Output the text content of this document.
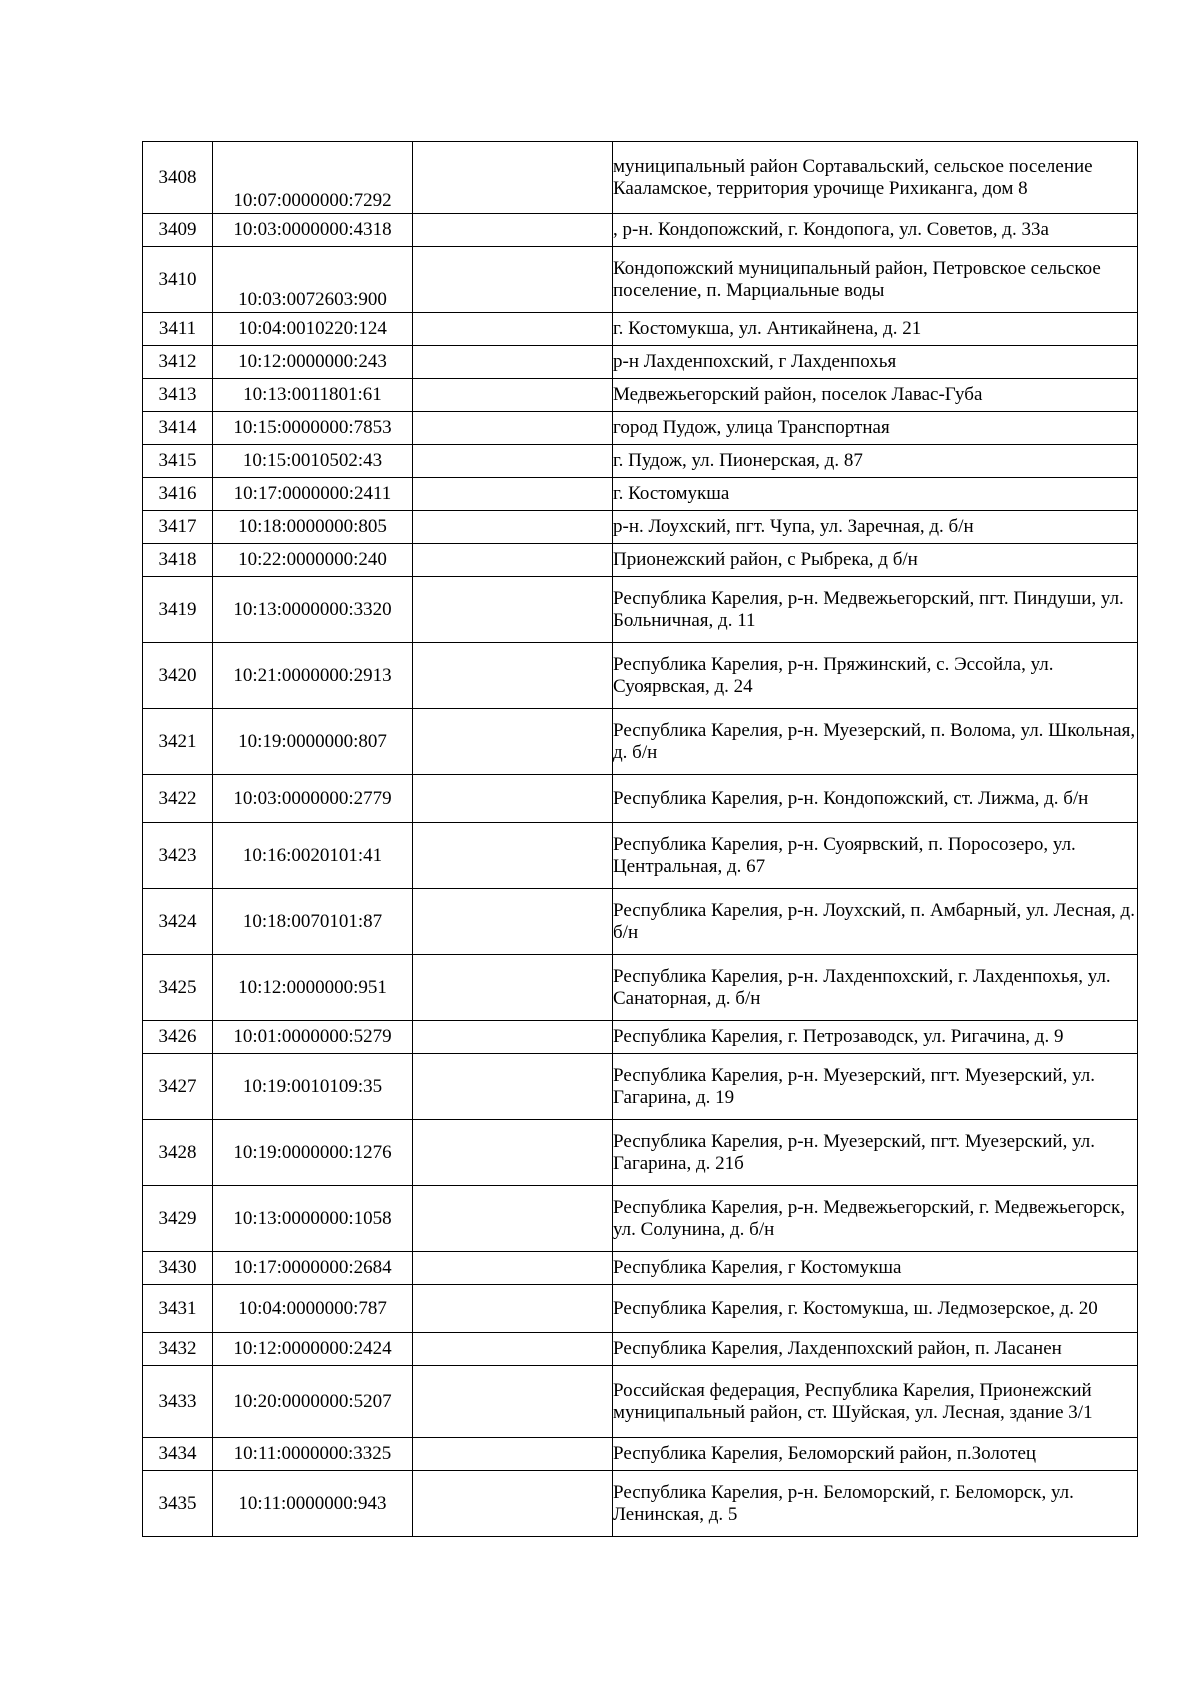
3408	10:07:0000000:7292		муниципальный район Сортавальский, сельское поселение Кааламское, территория урочище Рихиканга, дом 8
3409	10:03:0000000:4318		, р-н. Кондопожский, г. Кондопога, ул. Советов, д. 33а
3410	10:03:0072603:900		Кондопожский муниципальный район, Петровское сельское поселение, п. Марциальные воды
3411	10:04:0010220:124		г. Костомукша, ул. Антикайнена, д. 21
3412	10:12:0000000:243		р-н Лахденпохский, г Лахденпохья
3413	10:13:0011801:61		Медвежьегорский район, поселок Лавас-Губа
3414	10:15:0000000:7853		город Пудож, улица Транспортная
3415	10:15:0010502:43		г. Пудож, ул. Пионерская, д. 87
3416	10:17:0000000:2411		г. Костомукша
3417	10:18:0000000:805		р-н. Лоухский, пгт. Чупа, ул. Заречная, д. б/н
3418	10:22:0000000:240		Прионежский район, с Рыбрека, д б/н
3419	10:13:0000000:3320		Республика Карелия, р-н. Медвежьегорский, пгт. Пиндуши, ул. Больничная, д. 11
3420	10:21:0000000:2913		Республика Карелия, р-н. Пряжинский, с. Эссойла, ул. Суоярвская, д. 24
3421	10:19:0000000:807		Республика Карелия, р-н. Муезерский, п. Волома, ул. Школьная, д. б/н
3422	10:03:0000000:2779		Республика Карелия, р-н. Кондопожский, ст. Лижма, д. б/н
3423	10:16:0020101:41		Республика Карелия, р-н. Суоярвский, п. Поросозеро, ул. Центральная, д. 67
3424	10:18:0070101:87		Республика Карелия, р-н. Лоухский, п. Амбарный, ул. Лесная, д. б/н
3425	10:12:0000000:951		Республика Карелия, р-н. Лахденпохский, г. Лахденпохья, ул. Санаторная, д. б/н
3426	10:01:0000000:5279		Республика Карелия, г. Петрозаводск, ул. Ригачина, д. 9
3427	10:19:0010109:35		Республика Карелия, р-н. Муезерский, пгт. Муезерский, ул. Гагарина, д. 19
3428	10:19:0000000:1276		Республика Карелия, р-н. Муезерский, пгт. Муезерский, ул. Гагарина, д. 21б
3429	10:13:0000000:1058		Республика Карелия, р-н. Медвежьегорский, г. Медвежьегорск, ул. Солунина, д. б/н
3430	10:17:0000000:2684		Республика Карелия, г Костомукша
3431	10:04:0000000:787		Республика Карелия, г. Костомукша, ш. Ледмозерское, д. 20
3432	10:12:0000000:2424		Республика Карелия, Лахденпохский район, п. Ласанен
3433	10:20:0000000:5207		Российская федерация, Республика Карелия, Прионежский муниципальный район, ст. Шуйская, ул. Лесная, здание 3/1
3434	10:11:0000000:3325		Республика Карелия, Беломорский район, п.Золотец
3435	10:11:0000000:943		Республика Карелия, р-н. Беломорский, г. Беломорск, ул. Ленинская, д. 5
